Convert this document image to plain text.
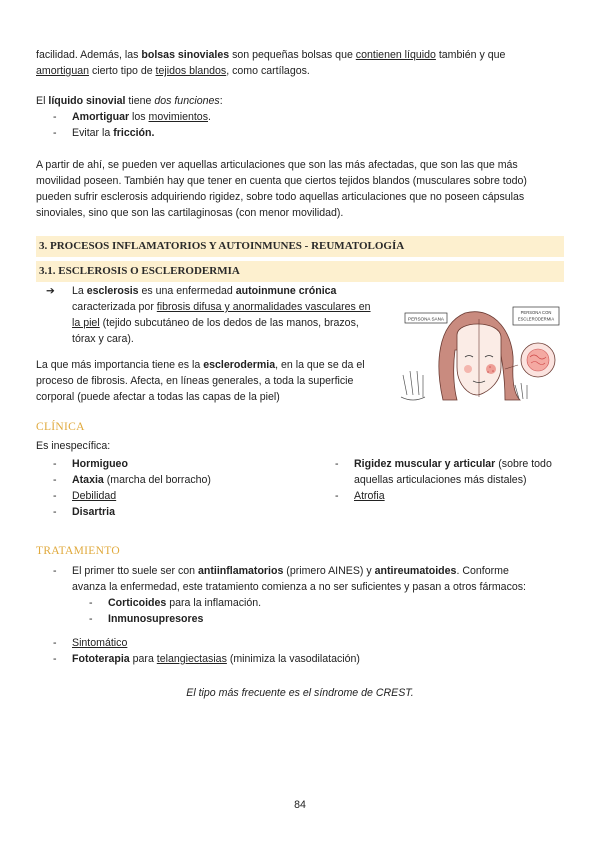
facilidad. Además, las bolsas sinoviales son pequeñas bolsas que contienen líquido también y que

amortiguan cierto tipo de tejidos blandos, como cartílagos.

El líquido sinovial tiene dos funciones:

- Amortiguar los movimientos.
- Evitar la fricción.

A partir de ahí, se pueden ver aquellas articulaciones que son las más afectadas, que son las que más movilidad poseen. También hay que tener en cuenta que ciertos tejidos blandos (musculares sobre todo) pueden sufrir esclerosis adquiriendo rigidez, sobre todo aquellas articulaciones que no poseen cápsulas sinoviales, sino que son las cartilaginosas (con menor movilidad).

3. PROCESOS INFLAMATORIOS Y AUTOINMUNES - REUMATOLOGÍA
3.1. ESCLEROSIS O ESCLERODERMIA
➔ La esclerosis es una enfermedad autoinmune crónica

caracterizada por fibrosis difusa y anormalidades vasculares en

la piel (tejido subcutáneo de los dedos de las manos, brazos,

tórax y cara).

La que más importancia tiene es la esclerodermia, en la que se da el

proceso de fibrosis. Afecta, en líneas generales, a toda la superficie

corporal (puede afectar a todas las capas de la piel)

CLÍNICA

Es inespecífica:

- Hormigueo
- Ataxia (marcha del borracho)
- Debilidad
- Disartria
- Rigidez muscular y articular (sobre todo
aquellas articulaciones más distales)
- Atrofia
TRATAMIENTO
- El primer tto suele ser con antiinflamatorios (primero AINES) y antireumatoides. Conforme
avanza la enfermedad, este tratamiento comienza a no ser suficientes y pasan a otros fármacos:
- Corticoides para la inflamación.
- Inmunosupresores
- Sintomático
- Fototerapia para telangiectasias (minimiza la vasodilatación)
El tipo más frecuente es el síndrome de CREST.
PERSONA SANA
PERSONA CON
ESCLERODERMIA
84
